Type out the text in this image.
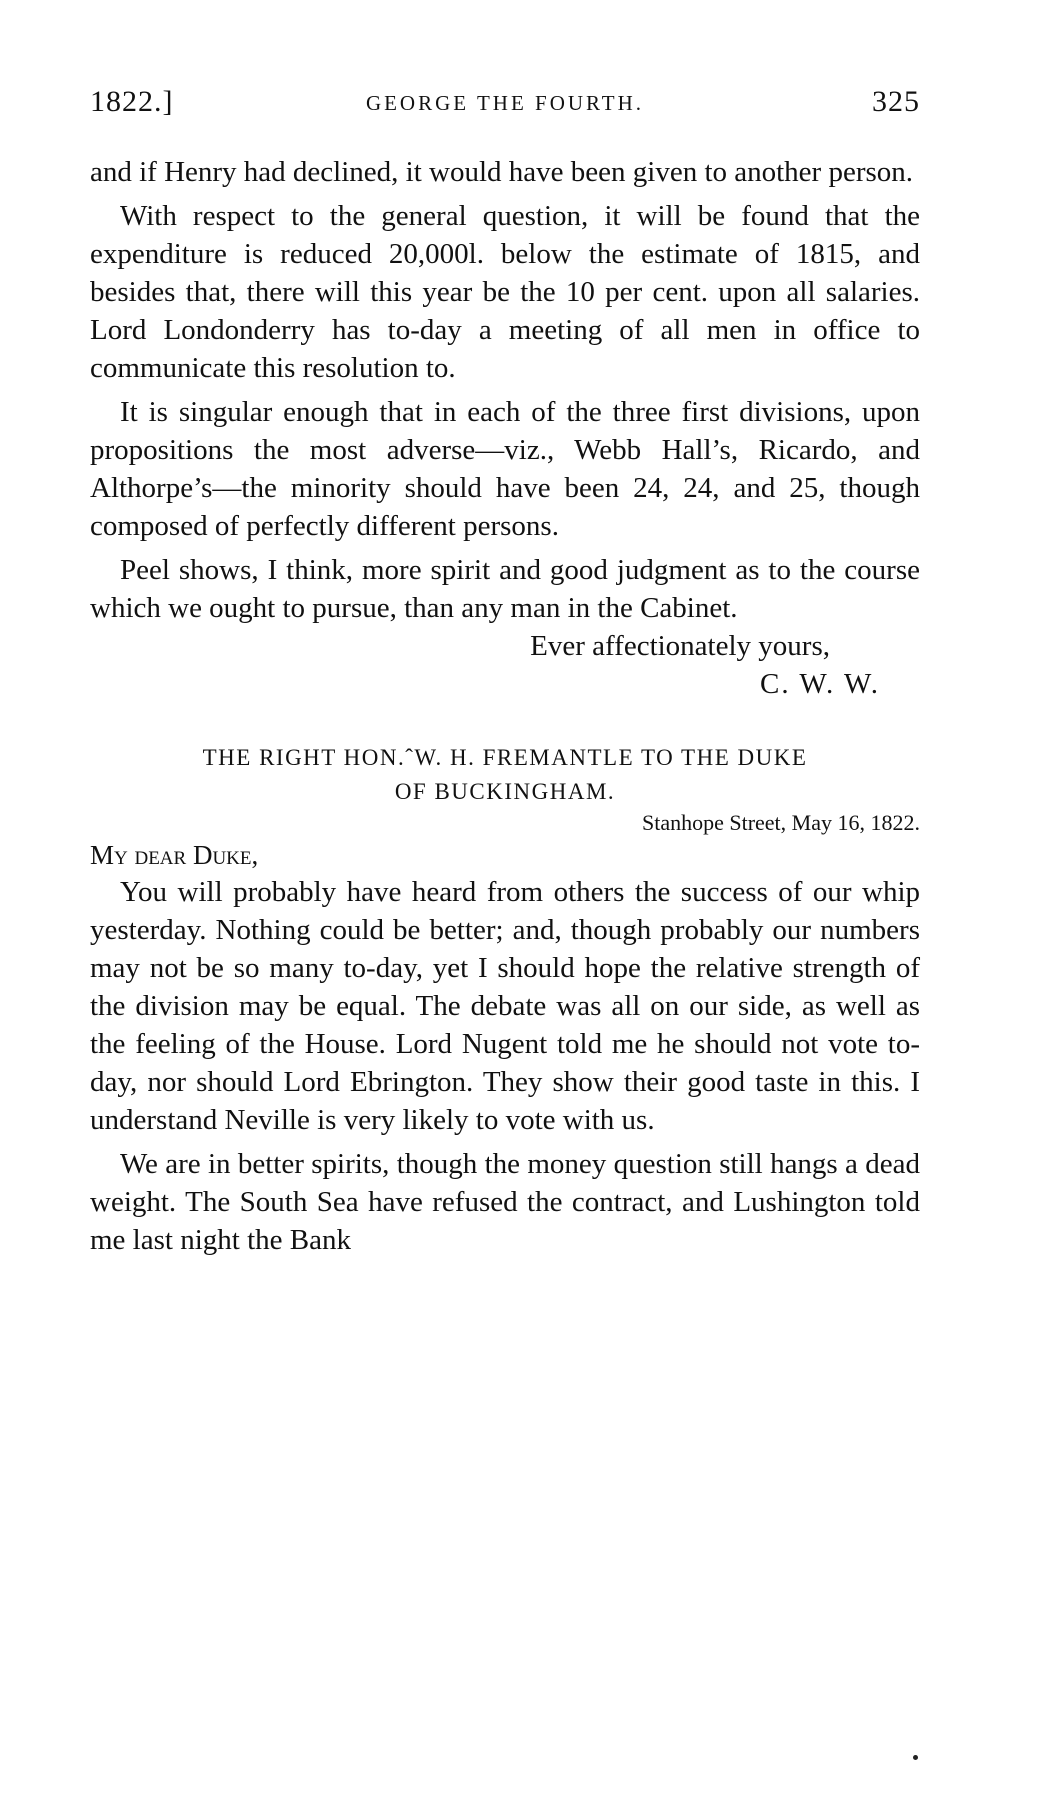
1822.]	GEORGE THE FOURTH.	325

and if Henry had declined, it would have been given to another person.

With respect to the general question, it will be found that the expenditure is reduced 20,000l. below the estimate of 1815, and besides that, there will this year be the 10 per cent. upon all salaries. Lord Londonderry has to-day a meeting of all men in office to communicate this resolution to.

It is singular enough that in each of the three first divisions, upon propositions the most adverse—viz., Webb Hall’s, Ricardo, and Althorpe’s—the minority should have been 24, 24, and 25, though composed of perfectly different persons.

Peel shows, I think, more spirit and good judgment as to the course which we ought to pursue, than any man in the Cabinet.

Ever affectionately yours,

C. W. W.

THE RIGHT HON.ˆW. H. FREMANTLE TO THE DUKE
OF BUCKINGHAM.

Stanhope Street, May 16, 1822.

My dear Duke,

You will probably have heard from others the success of our whip yesterday. Nothing could be better; and, though probably our numbers may not be so many to-day, yet I should hope the relative strength of the division may be equal. The debate was all on our side, as well as the feeling of the House. Lord Nugent told me he should not vote to-day, nor should Lord Ebrington. They show their good taste in this. I understand Neville is very likely to vote with us.

We are in better spirits, though the money question still hangs a dead weight. The South Sea have refused the contract, and Lushington told me last night the Bank
